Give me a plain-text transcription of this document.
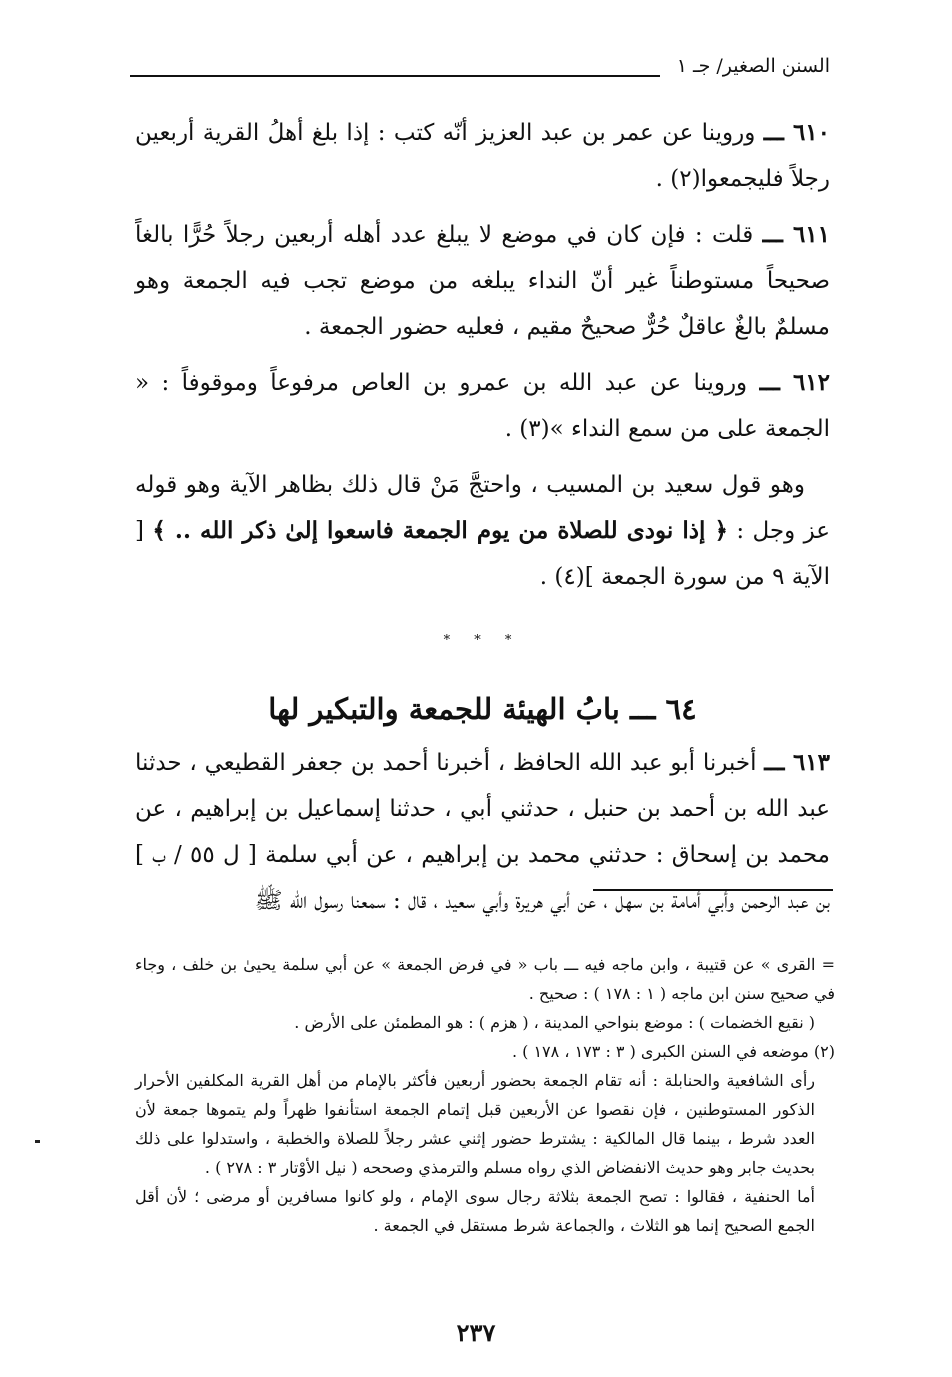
السنن الصغير/ جـ ١

٦١٠ ـــ وروينا عن عمر بن عبد العزيز أنّه كتب : إذا بلغ أهلُ القرية أربعين رجلاً فليجمعوا(٢) .

٦١١ ـــ قلت : فإن كان في موضع لا يبلغ عدد أهله أربعين رجلاً حُرًّا بالغاً صحيحاً مستوطناً غير أنّ النداء يبلغه من موضع تجب فيه الجمعة وهو مسلمٌ بالغٌ عاقلٌ حُرٌّ صحيحٌ مقيم ، فعليه حضور الجمعة .

٦١٢ ـــ وروينا عن عبد الله بن عمرو بن العاص مرفوعاً وموقوفاً : « الجمعة على من سمع النداء »(٣) .

وهو قول سعيد بن المسيب ، واحتجَّ مَنْ قال ذلك بظاهر الآية وهو قوله عز وجل : ﴿ إذا نودى للصلاة من يوم الجمعة فاسعوا إلىٰ ذكر الله .. ﴾ [ الآية ٩ من سورة الجمعة ](٤) .

* * *
٦٤ ـــ بابُ الهيئة للجمعة والتبكير لها

٦١٣ ـــ أخبرنا أبو عبد الله الحافظ ، أخبرنا أحمد بن جعفر القطيعي ، حدثنا عبد الله بن أحمد بن حنبل ، حدثني أبي ، حدثنا إسماعيل بن إبراهيم ، عن محمد بن إسحاق : حدثني محمد بن إبراهيم ، عن أبي سلمة [ ل ٥٥ / ب ] بن عبد الرحمن وأبي أمامة بن سهل ، عن أبي هريرة وأبي سعيد ، قال : سمعنا رسول الله ﷺ

= القرى » عن قتيبة ، وابن ماجه فيه ـــ باب « في فرض الجمعة » عن أبي سلمة يحيىٰ بن خلف ، وجاء في صحيح سنن ابن ماجه ( ١ : ١٧٨ ) : صحيح .

( نقيع الخضمات ) : موضع بنواحي المدينة ، ( هزم ) : هو المطمئن على الأرض .

(٢) موضعه في السنن الكبرى ( ٣ : ١٧٣ ، ١٧٨ ) .

رأى الشافعية والحنابلة : أنه تقام الجمعة بحضور أربعين فأكثر بالإمام من أهل القرية المكلفين الأحرار الذكور المستوطنين ، فإن نقصوا عن الأربعين قبل إتمام الجمعة استأنفوا ظهراً ولم يتموها جمعة لأن العدد شرط ، بينما قال المالكية : يشترط حضور إثني عشر رجلاً للصلاة والخطبة ، واستدلوا على ذلك بحديث جابر وهو حديث الانفضاض الذي رواه مسلم والترمذي وصححه ( نيل الأوْتار ٣ : ٢٧٨ ) .

أما الحنفية ، فقالوا : تصح الجمعة بثلاثة رجال سوى الإمام ، ولو كانوا مسافرين أو مرضى ؛ لأن أقل الجمع الصحيح إنما هو الثلاث ، والجماعة شرط مستقل في الجمعة .

٢٣٧
